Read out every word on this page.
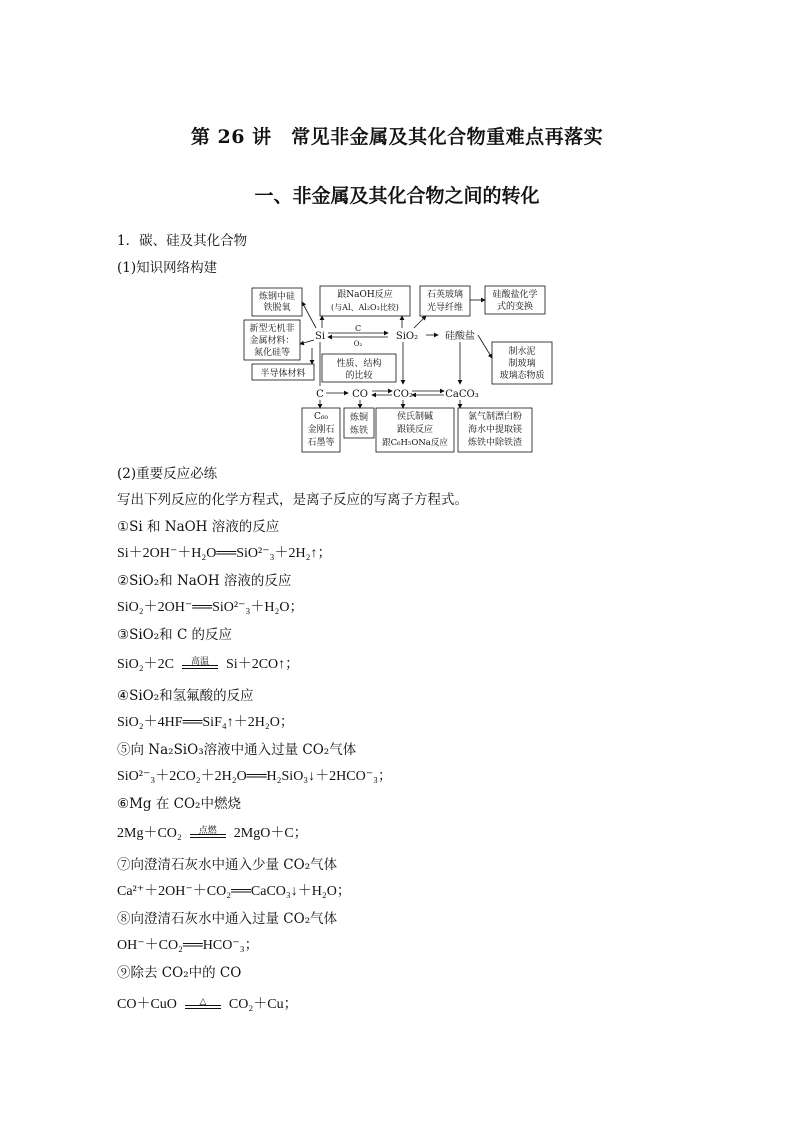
第 26 讲　常见非金属及其化合物重难点再落实
一、非金属及其化合物之间的转化
1．碳、硅及其化合物
(1)知识网络构建
炼钢中硅
铁脱氧
跟NaOH反应
(与Al、Al₂O₃比较)
石英玻璃
光导纤维
硅酸盐化学
式的变换
新型无机非
金属材料：
氮化硅等
半导体材料
性质、结构
的比较
制水泥
制玻璃
玻璃态物质
C₆₀
金刚石
石墨等
炼铜
炼铁
侯氏制碱
跟镁反应
跟C₆H₅ONa反应
氯气制漂白粉
海水中提取镁
炼铁中除铁渣
Si	SiO₂	硅酸盐
C
O₂
C	CO	CO₂	CaCO₃
(2)重要反应必练
写出下列反应的化学方程式，是离子反应的写离子方程式。
①Si 和 NaOH 溶液的反应
Si＋2OH⁻＋H₂O══SiO²⁻₃＋2H₂↑；
②SiO₂和 NaOH 溶液的反应
SiO₂＋2OH⁻══SiO²⁻₃＋H₂O；
③SiO₂和 C 的反应
SiO₂＋2C	高温	Si＋2CO↑；
④SiO₂和氢氟酸的反应
SiO₂＋4HF══SiF₄↑＋2H₂O；
⑤向 Na₂SiO₃溶液中通入过量 CO₂气体
SiO²⁻₃＋2CO₂＋2H₂O══H₂SiO₃↓＋2HCO⁻₃；
⑥Mg 在 CO₂中燃烧
2Mg＋CO₂	点燃	2MgO＋C；
⑦向澄清石灰水中通入少量 CO₂气体
Ca²⁺＋2OH⁻＋CO₂══CaCO₃↓＋H₂O；
⑧向澄清石灰水中通入过量 CO₂气体
OH⁻＋CO₂══HCO⁻₃；
⑨除去 CO₂中的 CO
CO＋CuO	△	CO₂＋Cu；
